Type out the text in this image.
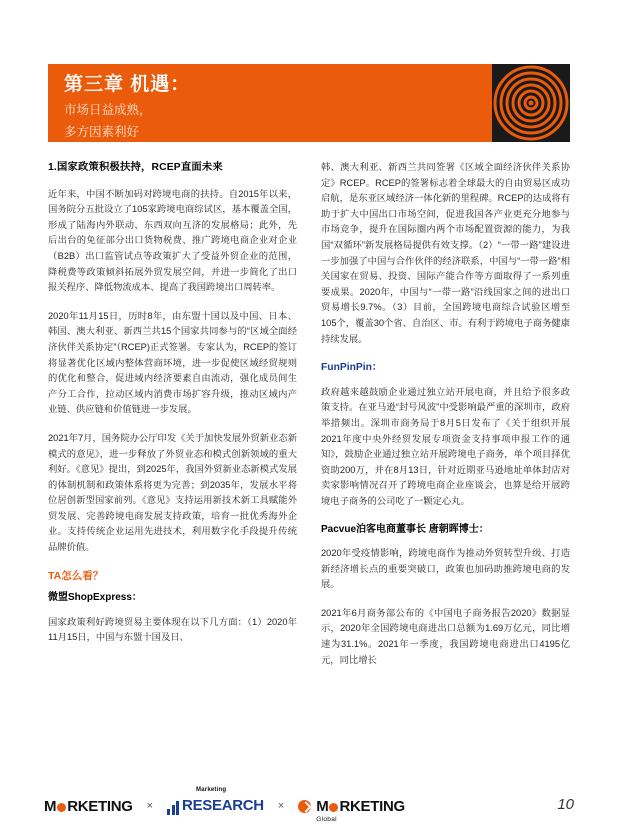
第三章 机遇：
市场日益成熟，
多方因素利好
1.国家政策积极扶持，RCEP直面未来

近年来，中国不断加码对跨境电商的扶持。自2015年以来，国务院分五批设立了105家跨境电商综试区，基本覆盖全国，形成了陆海内外联动、东西双向互济的发展格局；此外，先后出台的免征部分出口货物税费、推广跨境电商企业对企业（B2B）出口监管试点等政策扩大了受益外贸企业的范围，降税费等政策倾斜拓展外贸发展空间，并进一步简化了出口报关程序、降低物流成本、提高了我国跨境出口周转率。

2020年11月15日，历时8年，由东盟十国以及中国、日本、韩国、澳大利亚、新西兰共15个国家共同参与的“区域全面经济伙伴关系协定”（RCEP)正式签署。专家认为，RCEP的签订将显著优化区域内整体营商环境，进一步促使区域经贸规则的优化和整合，促进域内经济要素自由流动，强化成员间生产分工合作，拉动区域内消费市场扩容升级，推动区域内产业链、供应链和价值链进一步发展。

2021年7月，国务院办公厅印发《关于加快发展外贸新业态新模式的意见》，进一步释放了外贸业态和模式创新领域的重大利好。《意见》提出，到2025年，我国外贸新业态新模式发展的体制机制和政策体系将更为完善；到2035年，发展水平将位居创新型国家前列。《意见》支持运用新技术新工具赋能外贸发展、完善跨境电商发展支持政策，培育一批优秀海外企业。支持传统企业运用先进技术，利用数字化手段提升传统品牌价值。

TA怎么看？
微盟ShopExpress：

国家政策利好跨境贸易主要体现在以下几方面：（1）2020年11月15日，中国与东盟十国及日、

韩、澳大利亚、新西兰共同签署《区域全面经济伙伴关系协定》RCEP。RCEP的签署标志着全球最大的自由贸易区成功启航，是东亚区域经济一体化新的里程碑。RCEP的达成将有助于扩大中国出口市场空间，促进我国各产业更充分地参与市场竞争，提升在国际圈内两个市场配置资源的能力，为我国“双循环”新发展格局提供有效支撑。（2）“一带一路”建设进一步加强了中国与合作伙伴的经济联系，中国与“一带一路”相关国家在贸易、投资、国际产能合作等方面取得了一系列重要成果。2020年，中国与“一带一路”沿线国家之间的进出口贸易增长9.7%。（3）目前，全国跨境电商综合试验区增至105个，覆盖30个省、自治区、市。有利于跨境电子商务健康持续发展。

FunPinPin：

政府越来越鼓励企业通过独立站开展电商，并且给予很多政策支持。在亚马逊“封号风波”中受影响最严重的深圳市，政府举措频出。深圳市商务局于8月5日发布了《关于组织开展2021年度中央外经贸发展专项资金支持事项申报工作的通知》，鼓励企业通过独立站开展跨境电子商务，单个项目择优资助200万，并在8月13日，针对近期亚马逊地址单体封店对卖家影响情况召开了跨境电商企业座谈会，也算是给开展跨境电子商务的公司吃了一颗定心丸。

Pacvue泊客电商董事长 唐朝晖博士：

2020年受疫情影响，跨境电商作为推动外贸转型升级、打造新经济增长点的重要突破口，政策也加码助推跨境电商的发展。

2021年6月商务部公布的《中国电子商务报告2020》数据显示，2020年全国跨境电商进出口总额为1.69万亿元，同比增速为31.1%。2021年一季度，我国跨境电商进出口4195亿元，同比增长

M RKETING ×
Marketing
RESEARCH × M RKETING
Global
10
